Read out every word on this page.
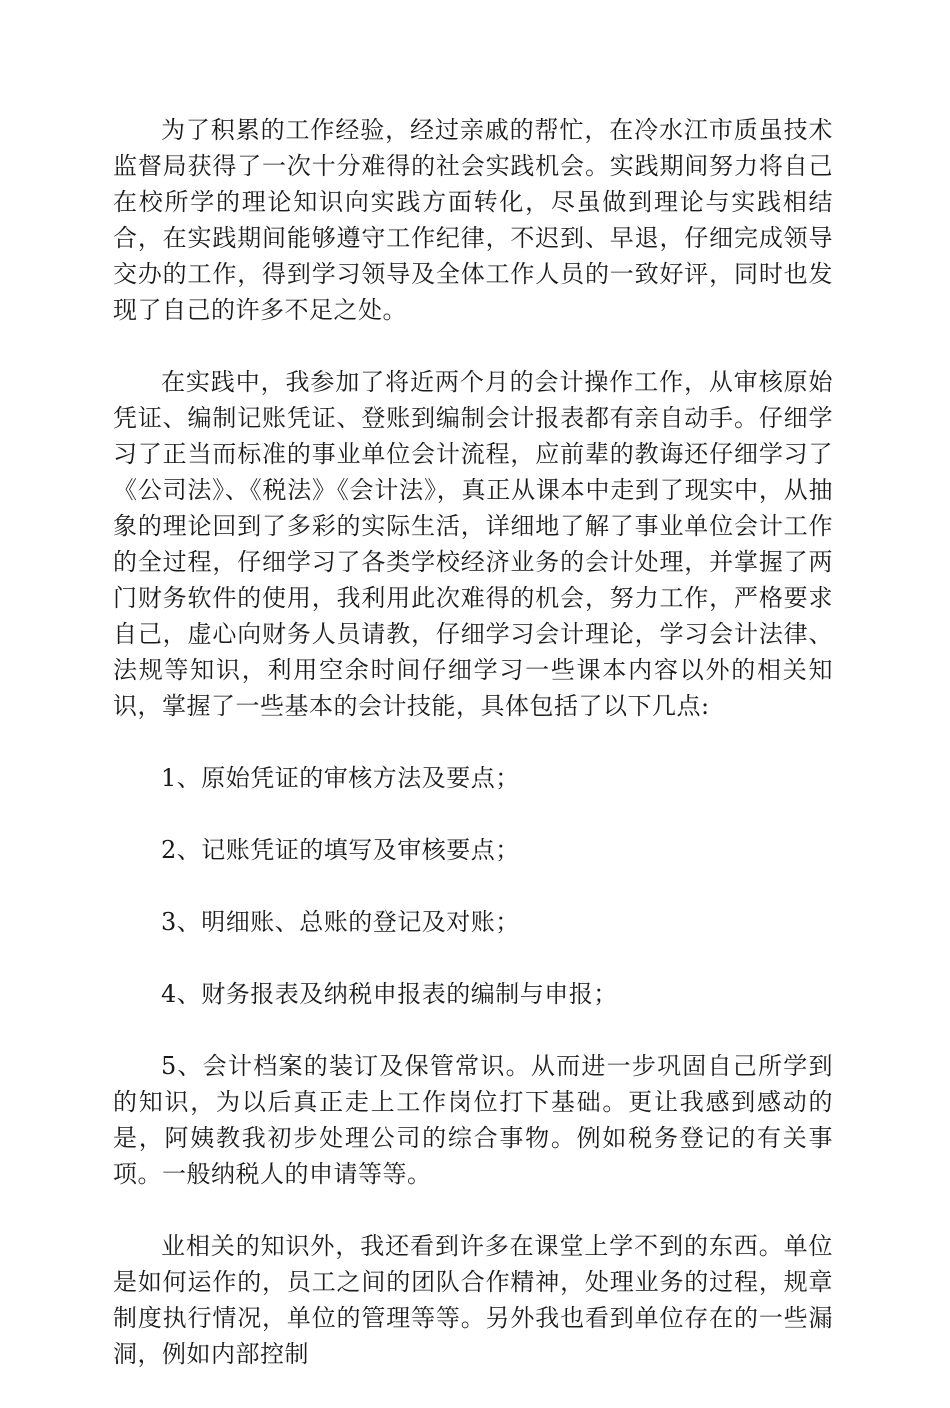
为了积累的工作经验，经过亲戚的帮忙，在冷水江市质虽技术监督局获得了一次十分难得的社会实践机会。实践期间努力将自己在校所学的理论知识向实践方面转化，尽虽做到理论与实践相结合，在实践期间能够遵守工作纪律，不迟到、早退，仔细完成领导交办的工作，得到学习领导及全体工作人员的一致好评，同时也发现了自己的许多不足之处。

在实践中，我参加了将近两个月的会计操作工作，从审核原始凭证、编制记账凭证、登账到编制会计报表都有亲自动手。仔细学习了正当而标准的事业单位会计流程，应前辈的教诲还仔细学习了《公司法》、《税法》《会计法》，真正从课本中走到了现实中，从抽象的理论回到了多彩的实际生活，详细地了解了事业单位会计工作的全过程，仔细学习了各类学校经济业务的会计处理，并掌握了两门财务软件的使用，我利用此次难得的机会，努力工作，严格要求自己，虚心向财务人员请教，仔细学习会计理论，学习会计法律、法规等知识，利用空余时间仔细学习一些课本内容以外的相关知识，掌握了一些基本的会计技能，具体包括了以下几点:

1、原始凭证的审核方法及要点；

2、记账凭证的填写及审核要点；

3、明细账、总账的登记及对账；

4、财务报表及纳税申报表的编制与申报；

5、会计档案的装订及保管常识。从而进一步巩固自己所学到的知识，为以后真正走上工作岗位打下基础。更让我感到感动的是，阿姨教我初步处理公司的综合事物。例如税务登记的有关事项。一般纳税人的申请等等。

业相关的知识外，我还看到许多在课堂上学不到的东西。单位是如何运作的，员工之间的团队合作精神，处理业务的过程，规章制度执行情况，单位的管理等等。另外我也看到单位存在的一些漏洞，例如内部控制
